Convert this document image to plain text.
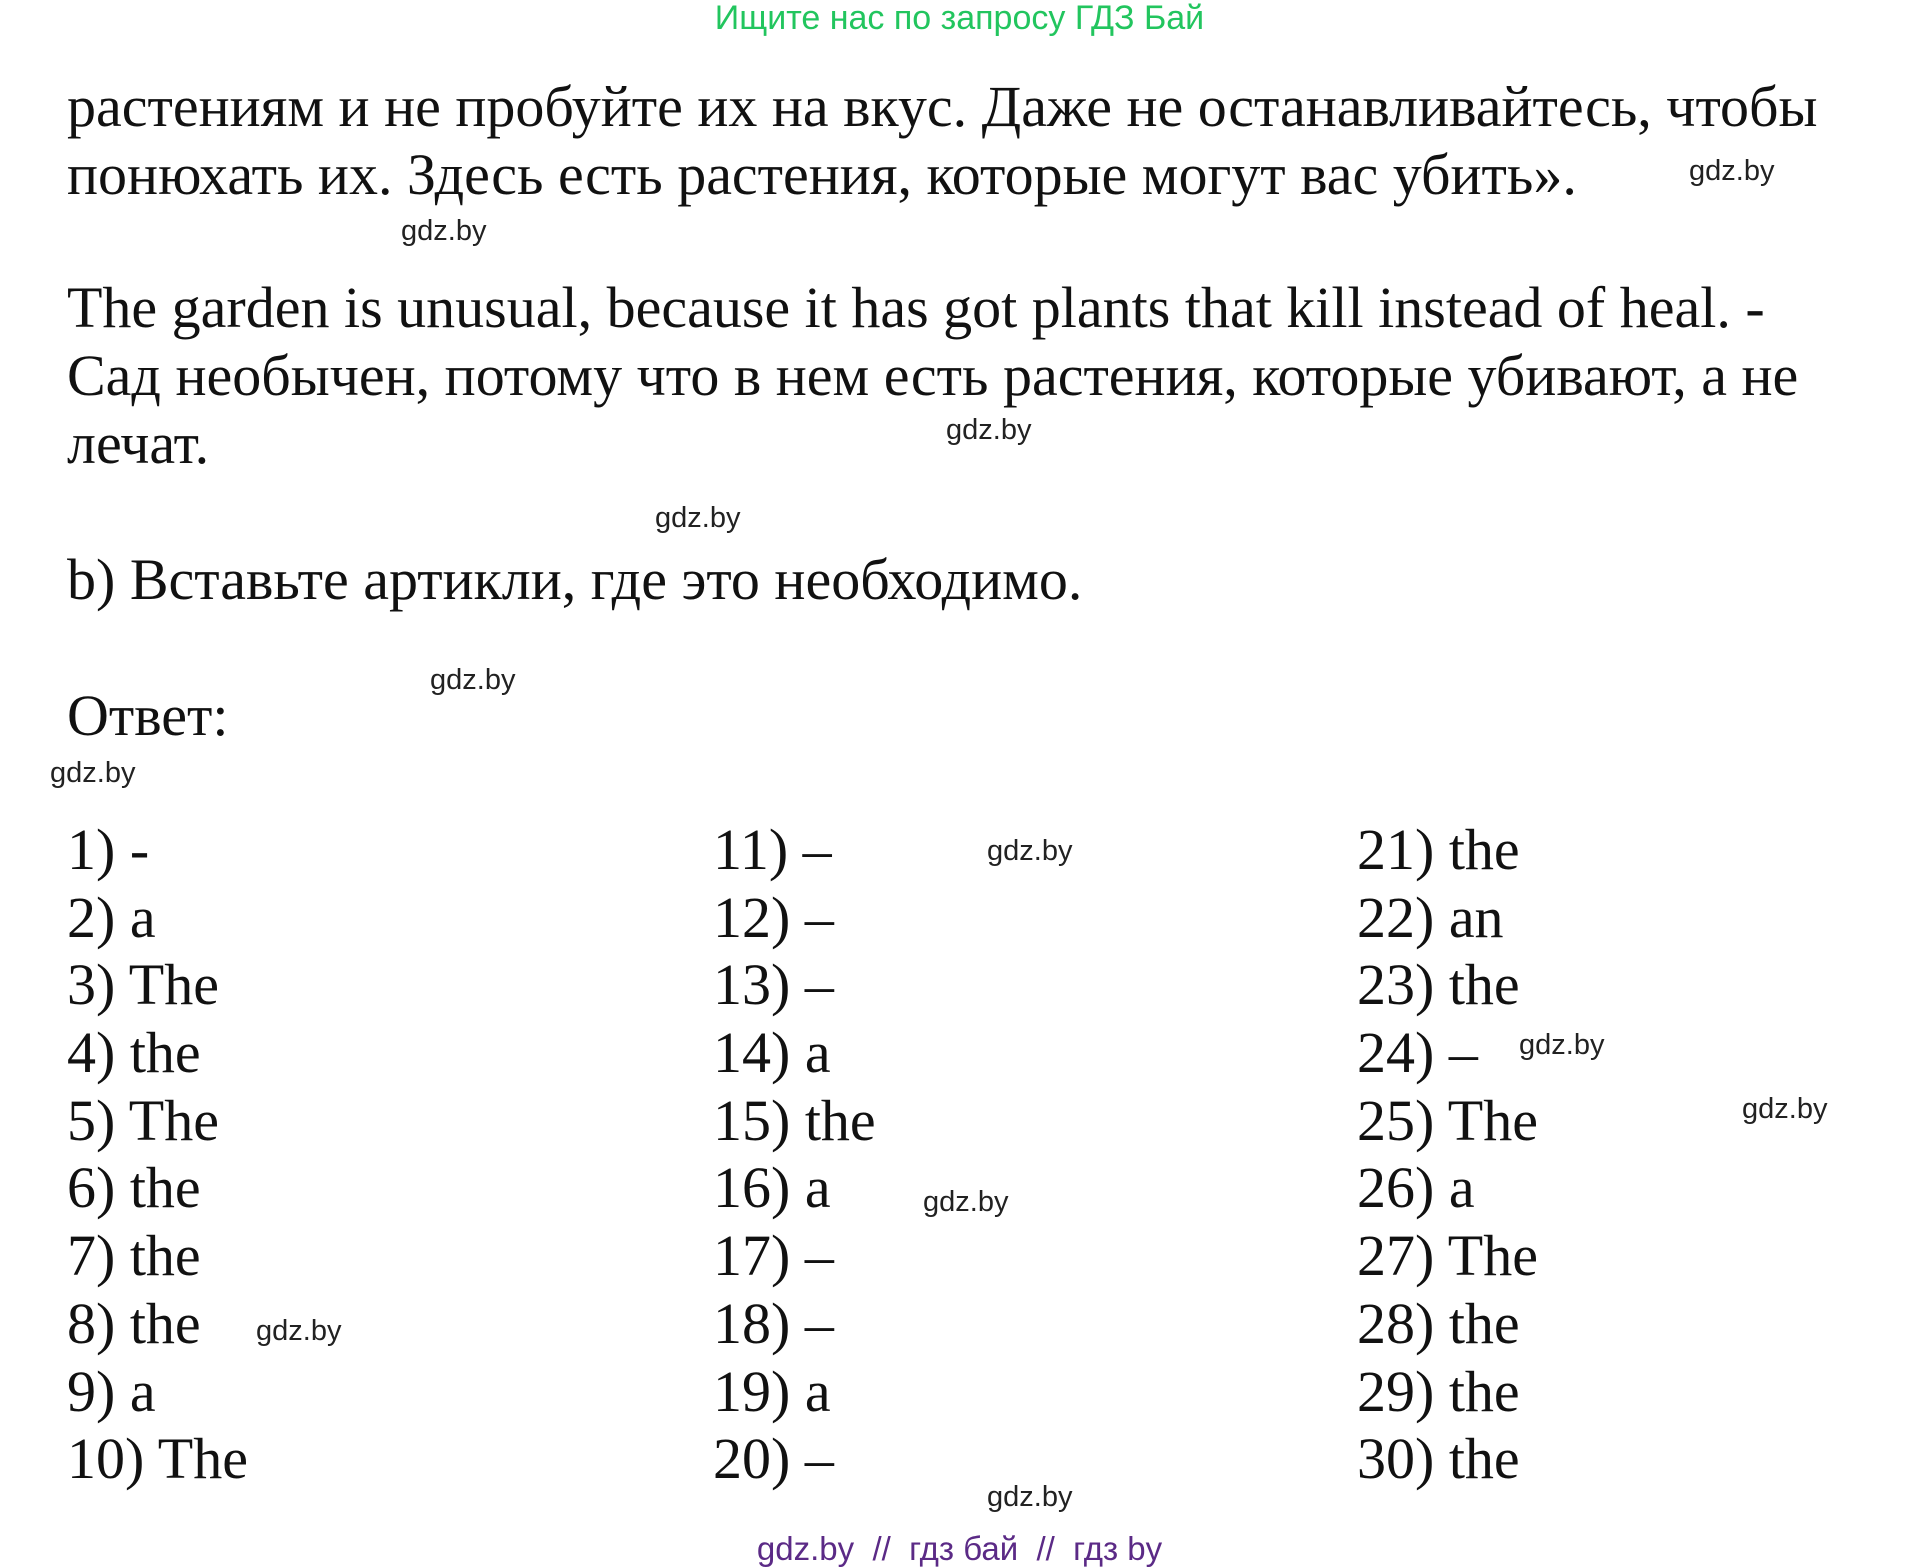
Ищите нас по запросу ГДЗ Бай
растениям и не пробуйте их на вкус. Даже не останавливайтесь, чтобы
понюхать их. Здесь есть растения, которые могут вас убить».
The garden is unusual, because it has got plants that kill instead of heal. -
Сад необычен, потому что в нем есть растения, которые убивают, а не
лечат.
b) Вставьте артикли, где это необходимо.
Ответ:
1) -
2) a
3) The
4) the
5) The
6) the
7) the
8) the
9) a
10) The
11) –
12) –
13) –
14) a
15) the
16) a
17) –
18) –
19) a
20) –
21) the
22) an
23) the
24) –
25) The
26) a
27) The
28) the
29) the
30) the
gdz.by
gdz.by
gdz.by
gdz.by
gdz.by
gdz.by
gdz.by
gdz.by
gdz.by
gdz.by
gdz.by
gdz.by
gdz.by  //  гдз бай  //  гдз by
